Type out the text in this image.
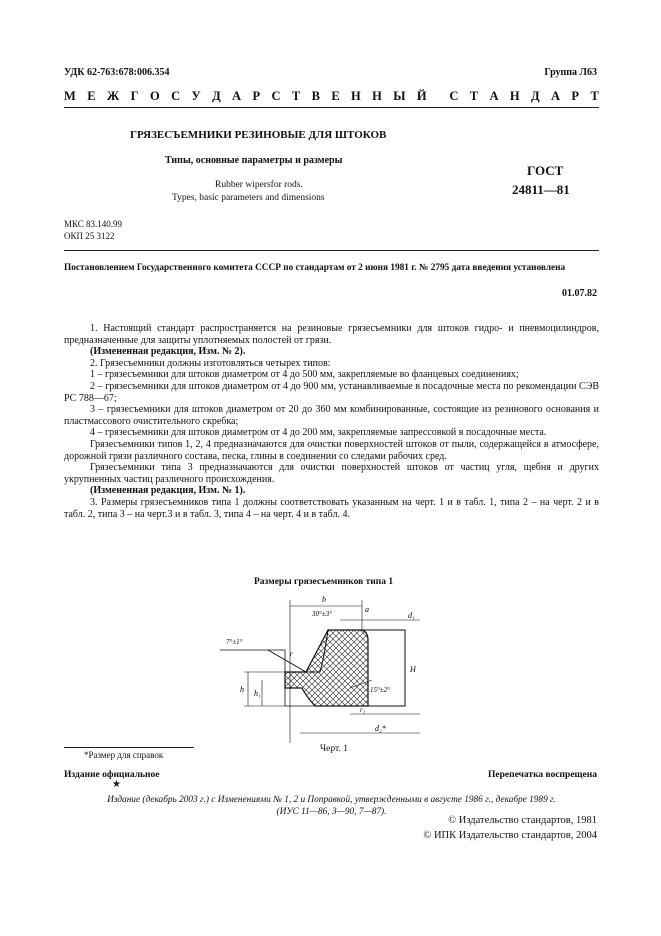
УДК 62-763:678:006.354	Группа Л63
М Е Ж Г О С У Д А Р С Т В Е Н Н Ы Й С Т А Н Д А Р Т
ГРЯЗЕСЪЕМНИКИ РЕЗИНОВЫЕ ДЛЯ ШТОКОВ
Типы, основные параметры и размеры
Rubber wipersfor rods.
Types, basic parameters and dimensions
ГОСТ
24811—81
МКС 83.140.99
ОКП 25 3122
Постановлением Государственного комитета СССР по стандартам от 2 июня 1981 г. № 2795 дата введения установлена
01.07.82

1. Настоящий стандарт распространяется на резиновые грязесъемники для штоков гидро- и пневмоцилиндров, предназначенные для защиты уплотняемых полостей от грязи.

(Измененная редакция, Изм. № 2).

2. Грязесъемники должны изготовляться четырех типов:

1 – грязесъемники для штоков диаметром от 4 до 500 мм, закрепляемые во фланцевых соединениях;

2 – грязесъемники для штоков диаметром от 4 до 900 мм, устанавливаемые в посадочные места по рекомендации СЭВ РС 788—67;

3 – грязесъемники для штоков диаметром от 20 до 360 мм комбинированные, состоящие из резинового основания и пластмассового очистительного скребка;

4 – грязесъемники для штоков диаметром от 4 до 200 мм, закрепляемые запрессовкой в посадочные места.

Грязесъемники типов 1, 2, 4 предназначаются для очистки поверхностей штоков от пыли, содержащейся в атмосфере, дорожной грязи различного состава, песка, глины в соединении со следами рабочих сред.

Грязесъемники типа 3 предназначаются для очистки поверхностей штоков от частиц угля, щебня и других укрупненных частиц различного происхождения.

(Измененная редакция, Изм. № 1).

3. Размеры грязесъемников типа 1 должны соответствовать указанным на черт. 1 и в табл. 1, типа 2 – на черт. 2 и в табл. 2, типа 3 – на черт.3 и в табл. 3, типа 4 – на черт. 4 и в табл. 4.

Размеры грязесъемников типа 1
b
30°±3°	a
d₁
7°±1°
r
h h₁
H
15°±2°
r₁
d₂*
Черт. 1
*Размер для справок
Издание официальное	Перепечатка воспрещена
★
Издание (декабрь 2003 г.) с Изменениями № 1, 2 и Поправкой, утвержденными в августе 1986 г., декабре 1989 г.
(ИУС 11—86, 3—90, 7—87).
© Издательство стандартов, 1981
© ИПК Издательство стандартов, 2004
